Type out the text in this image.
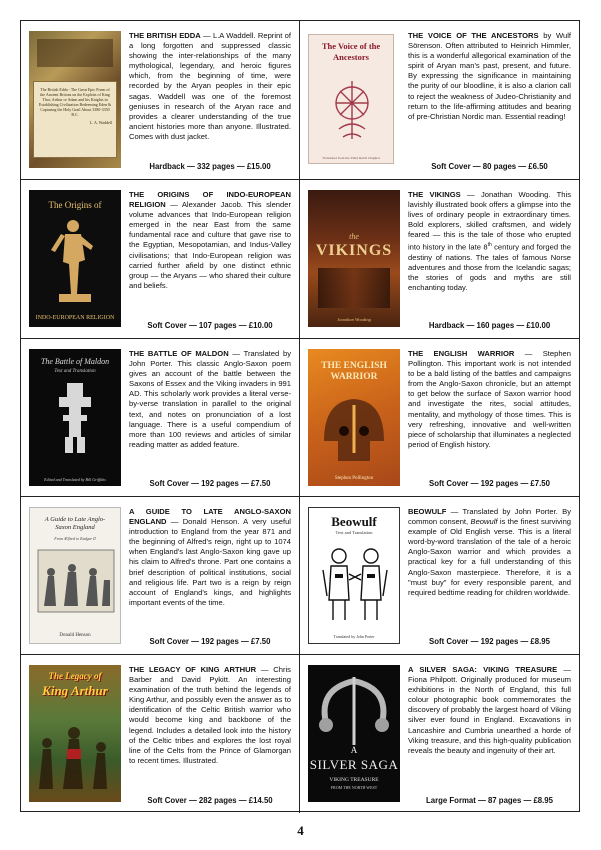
The British Edda - The Great Epic Poem of the Ancient Britons on the Exploits of King Thor, Arthur or Adam and his Knights in Establishing Civilization Redeeming Eden & Capturing the Holy Grail About 3380-3350 B.C.
L. A. Waddell
THE BRITISH EDDA — L.A Waddell. Reprint of a long forgotten and suppressed classic showing the inter-relationships of the many mythological, legendary, and heroic figures which, from the beginning of time, were recorded by the Aryan peoples in their epic sagas. Waddell was one of the foremost geniuses in research of the Aryan race and provides a clearer understanding of the true ancient histories more than anyone. Illustrated. Comes with dust jacket.
Hardback — 332 pages — £15.00
The Voice of the Ancestors
Translated from the Third Reich Original
THE VOICE OF THE ANCESTORS by Wulf Sörenson. Often attributed to Heinrich Himmler, this is a wonderful allegorical examination of the spirit of Aryan man's past, present, and future. By expressing the significance in maintaining the purity of our bloodline, it is also a clarion call to reject the weakness of Judeo-Christianity and return to the life-affirming attitudes and bearing of pre-Christian Nordic man. Essential reading!
Soft Cover — 80 pages — £6.50
The Origins of
INDO-EUROPEAN RELIGION
THE ORIGINS OF INDO-EUROPEAN RELIGION — Alexander Jacob. This slender volume advances that Indo-European religion emerged in the near East from the same fundamental race and culture that gave rise to the Egyptian, Mesopotamian, and Indus-Valley civilisations; that Indo-European religion was carried further afield by one distinct ethnic group — the Aryans — who shared their culture and beliefs.
Soft Cover — 107 pages — £10.00
the
VIKINGS
Jonathan Wooding
THE VIKINGS — Jonathan Wooding. This lavishly illustrated book offers a glimpse into the lives of ordinary people in extraordinary times. Bold explorers, skilled craftsmen, and widely feared — this is the tale of those who erupted into history in the late 8th century and forged the destiny of nations. The tales of famous Norse adventures and those from the Icelandic sagas; the stories of gods and myths are still enchanting today.
Hardback — 160 pages — £10.00
The Battle of Maldon
Text and Translation
Edited and Translated by Bill Griffiths
THE BATTLE OF MALDON — Translated by John Porter. This classic Anglo-Saxon poem gives an account of the battle between the Saxons of Essex and the Viking invaders in 991 AD. This scholarly work provides a literal verse-by-verse translation in parallel to the original text, and notes on pronunciation of a lost language. There is a useful compendium of more than 100 reviews and articles of similar reading matter as added feature.
Soft Cover — 192 pages — £7.50
THE ENGLISH WARRIOR
Stephen Pollington
THE ENGLISH WARRIOR — Stephen Pollington. This important work is not intended to be a bald listing of the battles and campaigns from the Anglo-Saxon chronicle, but an attempt to get below the surface of Saxon warrior hood and investigate the rites, social attitudes, mentality, and mythology of those times. This is very refreshing, innovative and well-written piece of scholarship that illuminates a neglected period of English history.
Soft Cover — 192 pages — £7.50
A Guide to Late Anglo-Saxon England
From Ælfred to Eadgar II
Donald Henson
A GUIDE TO LATE ANGLO-SAXON ENGLAND — Donald Henson. A very useful introduction to England from the year 871 and the beginning of Alfred's reign, right up to 1074 when England's last Anglo-Saxon king gave up his claim to Alfred's throne. Part one contains a brief description of political institutions, social and religious life. Part two is a reign by reign account of England's kings, and highlights important events of the time.
Soft Cover — 192 pages — £7.50
Beowulf
Text and Translation
Translated by John Porter
BEOWULF — Translated by John Porter. By common consent, Beowulf is the finest surviving example of Old English verse. This is a literal word-by-word translation of the tale of a heroic Anglo-Saxon warrior and which provides a practical key for a full understanding of this Anglo-Saxon masterpiece. Therefore, it is a "must buy" for every responsible parent, and required bedtime reading for children worldwide.
Soft Cover — 192 pages — £8.95
The Legacy of
King Arthur
THE LEGACY OF KING ARTHUR — Chris Barber and David Pykitt. An interesting examination of the truth behind the legends of King Arthur, and possibly even the answer as to identification of the Celtic British warrior who would become king and backbone of the legend. Includes a detailed look into the history of the Celtic tribes and explores the lost royal line of the Celts from the Prince of Glamorgan to recent times. Illustrated.
Soft Cover — 282 pages — £14.50
A
SILVER SAGA
VIKING TREASURE
FROM THE NORTH WEST
A SILVER SAGA: VIKING TREASURE — Fiona Philpott. Originally produced for museum exhibitions in the North of England, this full colour photographic book commemorates the discovery of probably the largest hoard of Viking silver ever found in England. Excavations in Lancashire and Cumbria unearthed a horde of Viking treasure, and this high-quality publication reveals the beauty and ingenuity of their art.
Large Format — 87 pages — £8.95
4
